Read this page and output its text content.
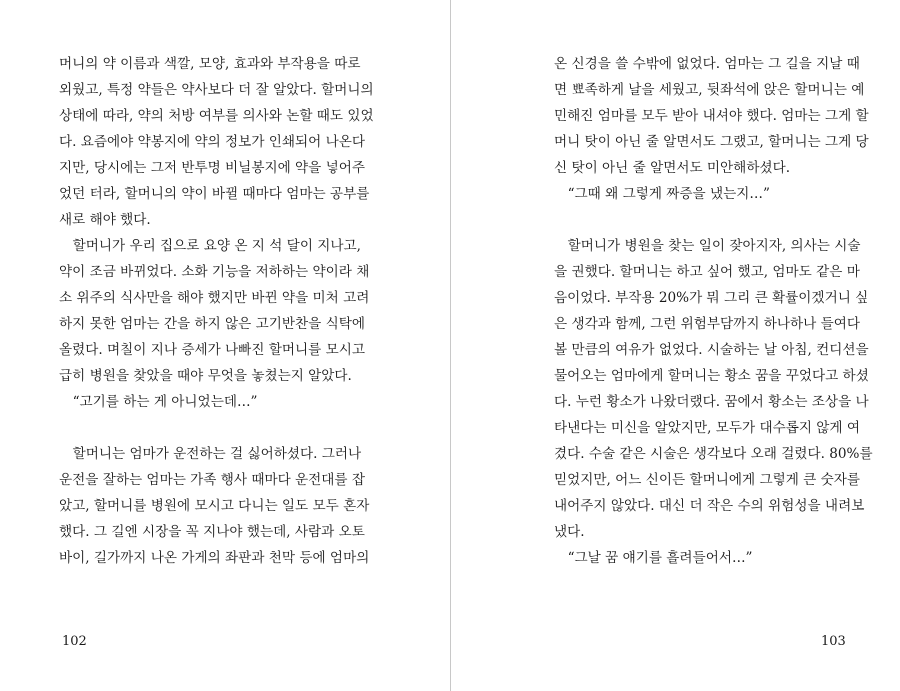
머니의 약 이름과 색깔, 모양, 효과와 부작용을 따로
외웠고, 특정 약들은 약사보다 더 잘 알았다. 할머니의
상태에 따라, 약의 처방 여부를 의사와 논할 때도 있었
다. 요즘에야 약봉지에 약의 정보가 인쇄되어 나온다
지만, 당시에는 그저 반투명 비닐봉지에 약을 넣어주
었던 터라, 할머니의 약이 바뀔 때마다 엄마는 공부를
새로 해야 했다.
할머니가 우리 집으로 요양 온 지 석 달이 지나고,
약이 조금 바뀌었다. 소화 기능을 저하하는 약이라 채
소 위주의 식사만을 해야 했지만 바뀐 약을 미처 고려
하지 못한 엄마는 간을 하지 않은 고기반찬을 식탁에
올렸다. 며칠이 지나 증세가 나빠진 할머니를 모시고
급히 병원을 찾았을 때야 무엇을 놓쳤는지 알았다.
“고기를 하는 게 아니었는데…”
할머니는 엄마가 운전하는 걸 싫어하셨다. 그러나
운전을 잘하는 엄마는 가족 행사 때마다 운전대를 잡
았고, 할머니를 병원에 모시고 다니는 일도 모두 혼자
했다. 그 길엔 시장을 꼭 지나야 했는데, 사람과 오토
바이, 길가까지 나온 가게의 좌판과 천막 등에 엄마의
102
온 신경을 쓸 수밖에 없었다. 엄마는 그 길을 지날 때
면 뾰족하게 날을 세웠고, 뒷좌석에 앉은 할머니는 예
민해진 엄마를 모두 받아 내셔야 했다. 엄마는 그게 할
머니 탓이 아닌 줄 알면서도 그랬고, 할머니는 그게 당
신 탓이 아닌 줄 알면서도 미안해하셨다.
“그때 왜 그렇게 짜증을 냈는지…”
할머니가 병원을 찾는 일이 잦아지자, 의사는 시술
을 권했다. 할머니는 하고 싶어 했고, 엄마도 같은 마
음이었다. 부작용 20%가 뭐 그리 큰 확률이겠거니 싶
은 생각과 함께, 그런 위험부담까지 하나하나 들여다
볼 만큼의 여유가 없었다. 시술하는 날 아침, 컨디션을
물어오는 엄마에게 할머니는 황소 꿈을 꾸었다고 하셨
다. 누런 황소가 나왔더랬다. 꿈에서 황소는 조상을 나
타낸다는 미신을 알았지만, 모두가 대수롭지 않게 여
겼다. 수술 같은 시술은 생각보다 오래 걸렸다. 80%를
믿었지만, 어느 신이든 할머니에게 그렇게 큰 숫자를
내어주지 않았다. 대신 더 작은 수의 위험성을 내려보
냈다.
“그날 꿈 얘기를 흘려들어서…”
103
